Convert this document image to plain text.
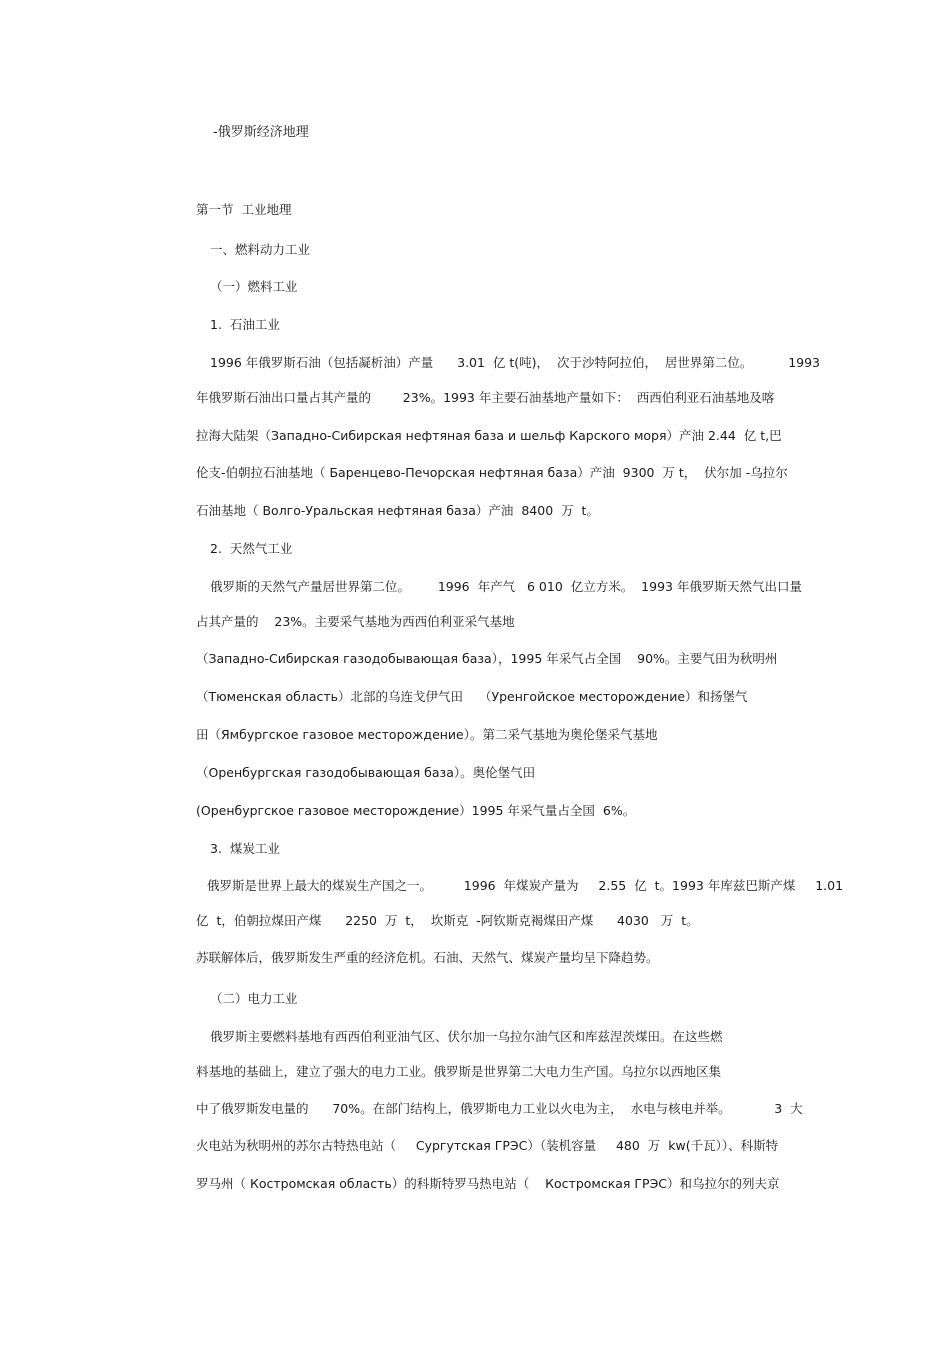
-俄罗斯经济地理
第一节  工业地理
一、燃料动力工业
（一）燃料工业
1.  石油工业
1996 年俄罗斯石油（包括凝析油）产量      3.01  亿 t(吨)，  次于沙特阿拉伯，  居世界第二位。         1993
年俄罗斯石油出口量占其产量的        23%。1993 年主要石油基地产量如下：  西西伯利亚石油基地及喀
拉海大陆架（Западно-Сибирская нефтяная база и шельф Карского моря）产油 2.44  亿 t,巴
伦支-伯朝拉石油基地（ Баренцево-Печорская нефтяная база）产油  9300  万 t，  伏尔加 -乌拉尔
石油基地（ Волго-Уральская нефтяная база）产油  8400  万  t。
2.  天然气工业
俄罗斯的天然气产量居世界第二位。       1996  年产气   6 010  亿立方米。  1993 年俄罗斯天然气出口量
占其产量的    23%。主要采气基地为西西伯利亚采气基地
（Западно-Сибирская газодобывающая база），1995 年采气占全国    90%。主要气田为秋明州
（Тюменская область）北部的乌连戈伊气田    （Уренгойское месторождение）和扬堡气
田（Ямбургское газовое месторождение）。第二采气基地为奥伦堡采气基地
（Оренбургская газодобывающая база）。奥伦堡气田
(Оренбургское газовое месторождение）1995 年采气量占全国  6%。
3.  煤炭工业
俄罗斯是世界上最大的煤炭生产国之一。        1996  年煤炭产量为     2.55  亿  t。1993 年库兹巴斯产煤     1.01
亿  t，伯朝拉煤田产煤      2250  万  t，  坎斯克  -阿钦斯克褐煤田产煤      4030   万  t。
苏联解体后，俄罗斯发生严重的经济危机。石油、天然气、煤炭产量均呈下降趋势。
（二）电力工业
俄罗斯主要燃料基地有西西伯利亚油气区、伏尔加一乌拉尔油气区和库兹涅茨煤田。在这些燃
料基地的基础上，建立了强大的电力工业。俄罗斯是世界第二大电力生产国。乌拉尔以西地区集
中了俄罗斯发电量的      70%。在部门结构上，俄罗斯电力工业以火电为主，  水电与核电并举。           3  大
火电站为秋明州的苏尔古特热电站（     Сургутская ГРЭС）（装机容量     480  万  kw(千瓦））、科斯特
罗马州（ Костромская область）的科斯特罗马热电站（    Костромская ГРЭС）和乌拉尔的列夫京
